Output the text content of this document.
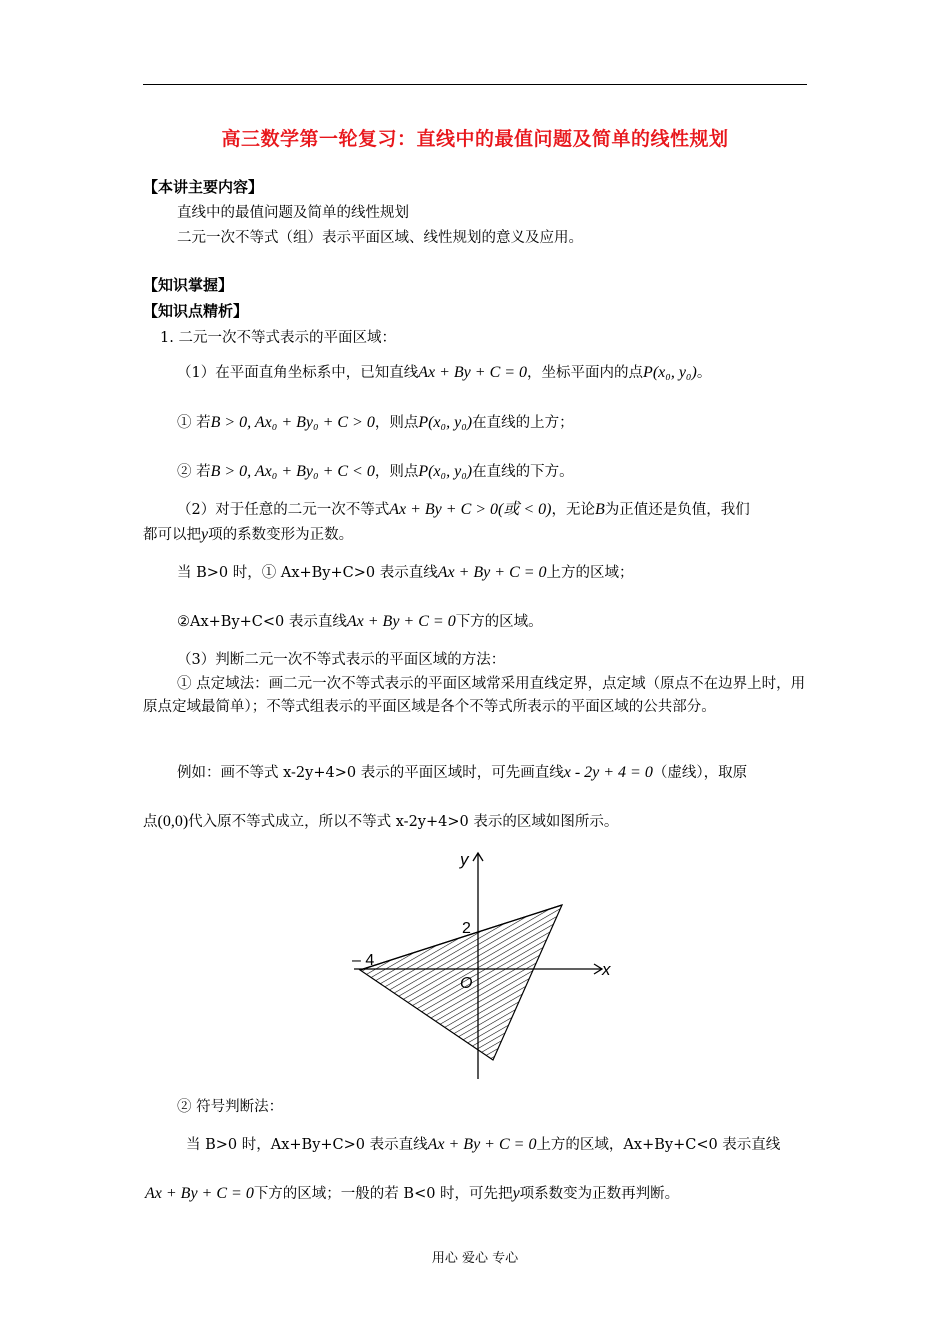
高三数学第一轮复习：直线中的最值问题及简单的线性规划
【本讲主要内容】
直线中的最值问题及简单的线性规划
二元一次不等式（组）表示平面区域、线性规划的意义及应用。
【知识掌握】
【知识点精析】
1. 二元一次不等式表示的平面区域：
（1）在平面直角坐标系中，已知直线Ax + By + C = 0，坐标平面内的点P(x₀, y₀)。
① 若B > 0, Ax₀ + By₀ + C > 0，则点P(x₀, y₀)在直线的上方；
② 若B > 0, Ax₀ + By₀ + C < 0，则点P(x₀, y₀)在直线的下方。
（2）对于任意的二元一次不等式Ax + By + C > 0(或 < 0)，无论B为正值还是负值，我们
都可以把y项的系数变形为正数。
当 B>0 时，① Ax+By+C>0 表示直线Ax + By + C = 0上方的区域；
②Ax+By+C<0 表示直线Ax + By + C = 0下方的区域。
（3）判断二元一次不等式表示的平面区域的方法：
① 点定域法：画二元一次不等式表示的平面区域常采用直线定界，点定域（原点不在边界上时，用原点定域最简单）；不等式组表示的平面区域是各个不等式所表示的平面区域的公共部分。
例如：画不等式 x-2y+4>0 表示的平面区域时，可先画直线x - 2y + 4 = 0（虚线），取原
点(0,0)代入原不等式成立，所以不等式 x-2y+4>0 表示的区域如图所示。
y
x
2
– 4
O
② 符号判断法：
当 B>0 时，Ax+By+C>0 表示直线Ax + By + C = 0上方的区域，Ax+By+C<0 表示直线
Ax + By + C = 0下方的区域；一般的若 B<0 时，可先把y项系数变为正数再判断。
用心 爱心 专心
